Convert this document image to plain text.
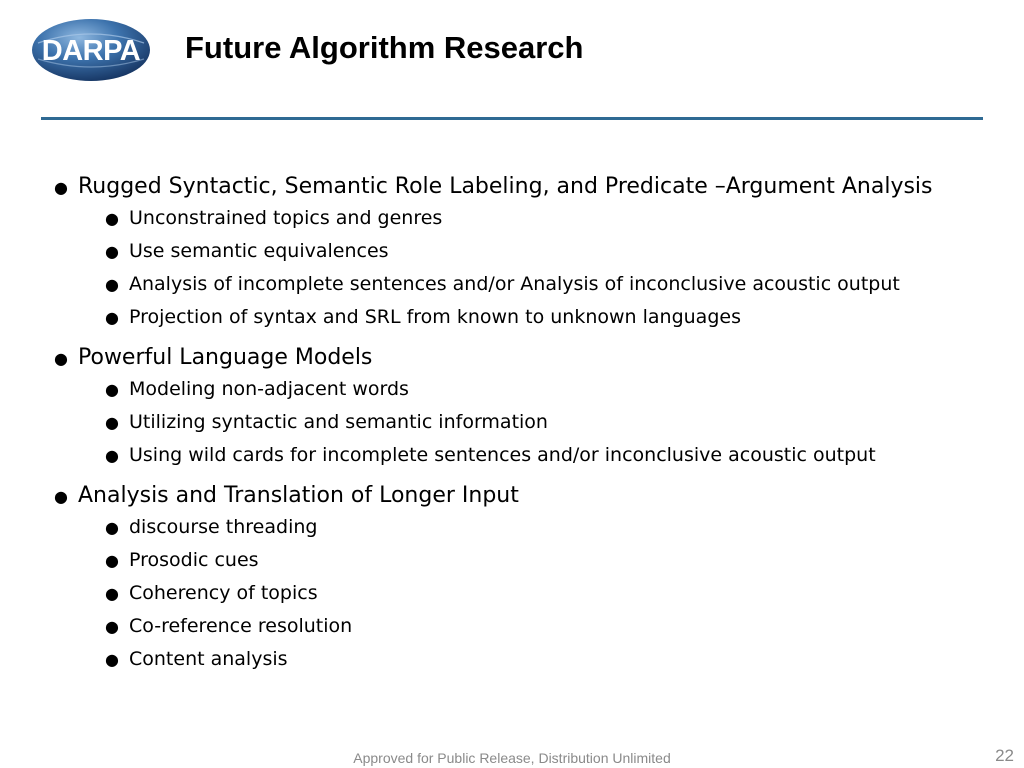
DARPA Future Algorithm Research
● Rugged Syntactic, Semantic Role Labeling, and Predicate –Argument Analysis
● Unconstrained topics and genres
● Use semantic equivalences
● Analysis of incomplete sentences and/or Analysis of inconclusive acoustic output
● Projection of syntax and SRL from known to unknown languages
● Powerful Language Models
● Modeling non-adjacent words
● Utilizing syntactic and semantic information
● Using wild cards for incomplete sentences and/or inconclusive acoustic output
● Analysis and Translation of Longer Input
● discourse threading
● Prosodic cues
● Coherency of topics
● Co-reference resolution
● Content analysis
Approved for Public Release, Distribution Unlimited	22
